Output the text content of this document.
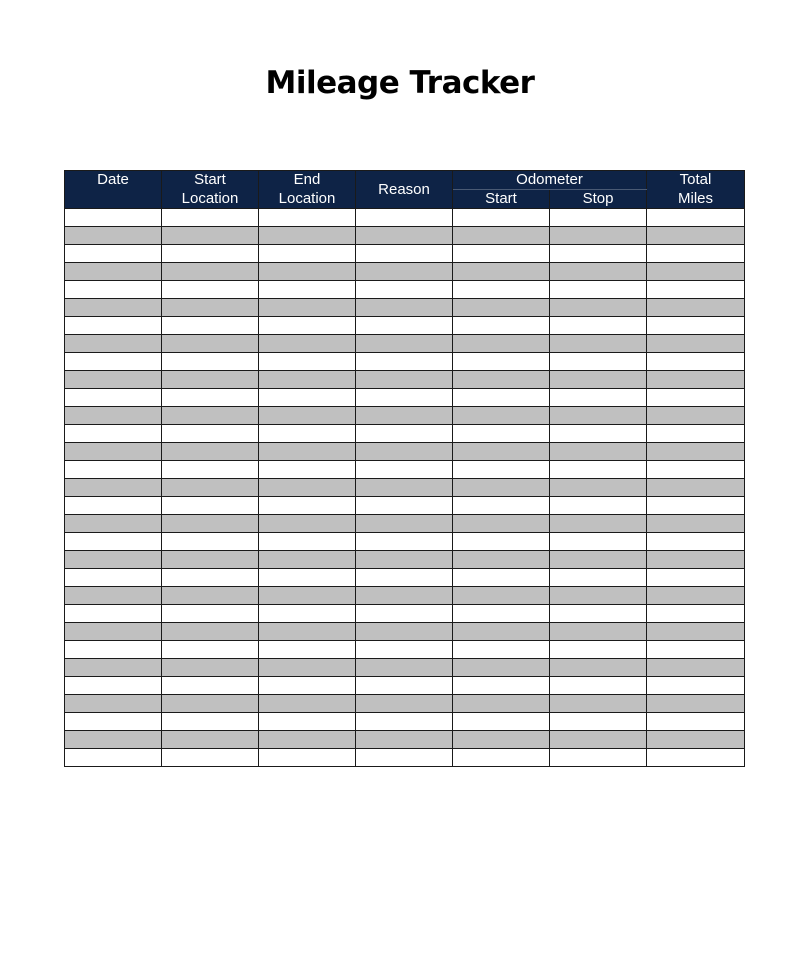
Mileage Tracker
Date	Start	End	Reason	Odometer		Total
	Location	Location		Start	Stop	Miles
